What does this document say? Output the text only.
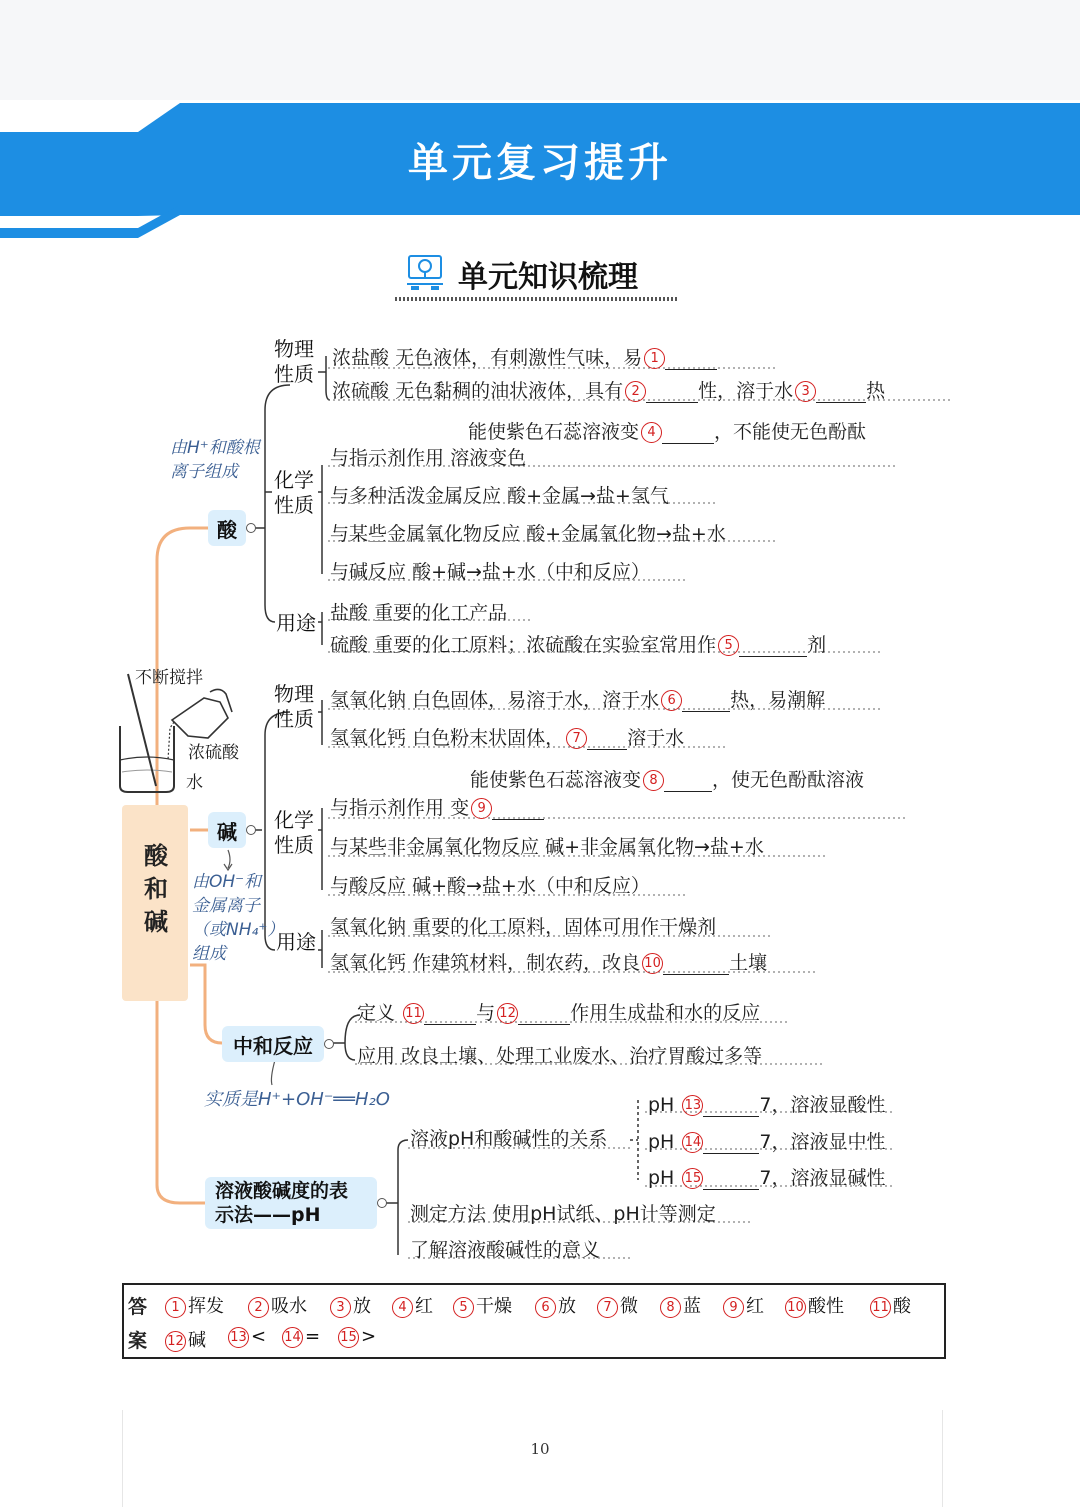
单元复习提升
单元知识梳理
不断搅拌
浓硫酸
水
酸
和
碱
酸
由H⁺和酸根
离子组成
物理
性质
浓盐酸 无色液体，有刺激性气味，易 1
浓硫酸 无色黏稠的油状液体，具有 2	性，溶于水 3	热
化学
性质
能使紫色石蕊溶液变 4	，不能使无色酚酞
与指示剂作用 溶液变色
与多种活泼金属反应 酸+金属→盐+氢气
与某些金属氧化物反应 酸+金属氧化物→盐+水
与碱反应 酸+碱→盐+水（中和反应）
用途 盐酸 重要的化工产品
硫酸 重要的化工原料；浓硫酸在实验室常用作 5	剂
碱
由OH⁻和
金属离子
（或NH₄⁺）
组成
物理
性质
氢氧化钠 白色固体，易溶于水，溶于水 6	热，易潮解
氢氧化钙 白色粉末状固体， 7 溶于水
化学
性质
能使紫色石蕊溶液变 8	，使无色酚酞溶液
与指示剂作用 变 9
与某些非金属氧化物反应 碱+非金属氧化物→盐+水
与酸反应 碱+酸→盐+水（中和反应）
用途
氢氧化钠 重要的化工原料，固体可用作干燥剂
氢氧化钙 作建筑材料，制农药，改良 10	土壤
中和反应
定义 11	与 12	作用生成盐和水的反应
应用 改良土壤、处理工业废水、治疗胃酸过多等
实质是H⁺+OH⁻══H₂O
溶液酸碱度的表
示法——pH
溶液pH和酸碱性的关系
pH 13	7，溶液显酸性
pH 14	7，溶液显中性
pH 15	7，溶液显碱性
测定方法 使用pH试纸、pH计等测定
了解溶液酸碱性的意义
答
案
1 挥发	2 吸水	3 放	4 红	5 干燥	6 放	7 微	8 蓝	9 红 10 酸性 11 酸
12 碱 13 < 14 = 15 >
10
